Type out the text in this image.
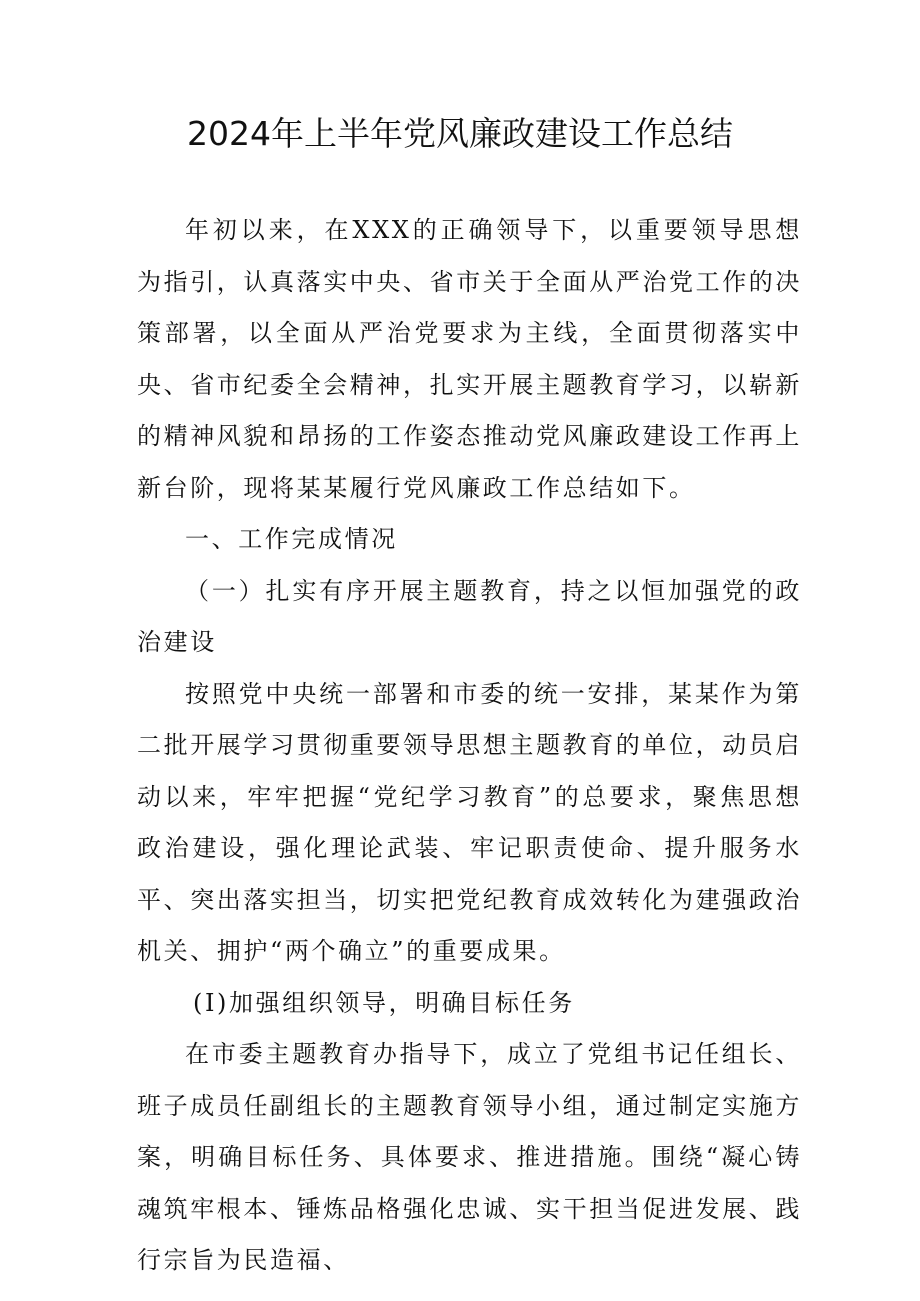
2024年上半年党风廉政建设工作总结

年初以来，在XXX的正确领导下，以重要领导思想为指引，认真落实中央、省市关于全面从严治党工作的决策部署，以全面从严治党要求为主线，全面贯彻落实中央、省市纪委全会精神，扎实开展主题教育学习，以崭新的精神风貌和昂扬的工作姿态推动党风廉政建设工作再上新台阶，现将某某履行党风廉政工作总结如下。

一、工作完成情况

（一）扎实有序开展主题教育，持之以恒加强党的政治建设

按照党中央统一部署和市委的统一安排，某某作为第二批开展学习贯彻重要领导思想主题教育的单位，动员启动以来，牢牢把握“党纪学习教育”的总要求，聚焦思想政治建设，强化理论武装、牢记职责使命、提升服务水平、突出落实担当，切实把党纪教育成效转化为建强政治机关、拥护“两个确立”的重要成果。

(I)加强组织领导，明确目标任务

在市委主题教育办指导下，成立了党组书记任组长、班子成员任副组长的主题教育领导小组，通过制定实施方案，明确目标任务、具体要求、推进措施。围绕“凝心铸魂筑牢根本、锤炼品格强化忠诚、实干担当促进发展、践行宗旨为民造福、
